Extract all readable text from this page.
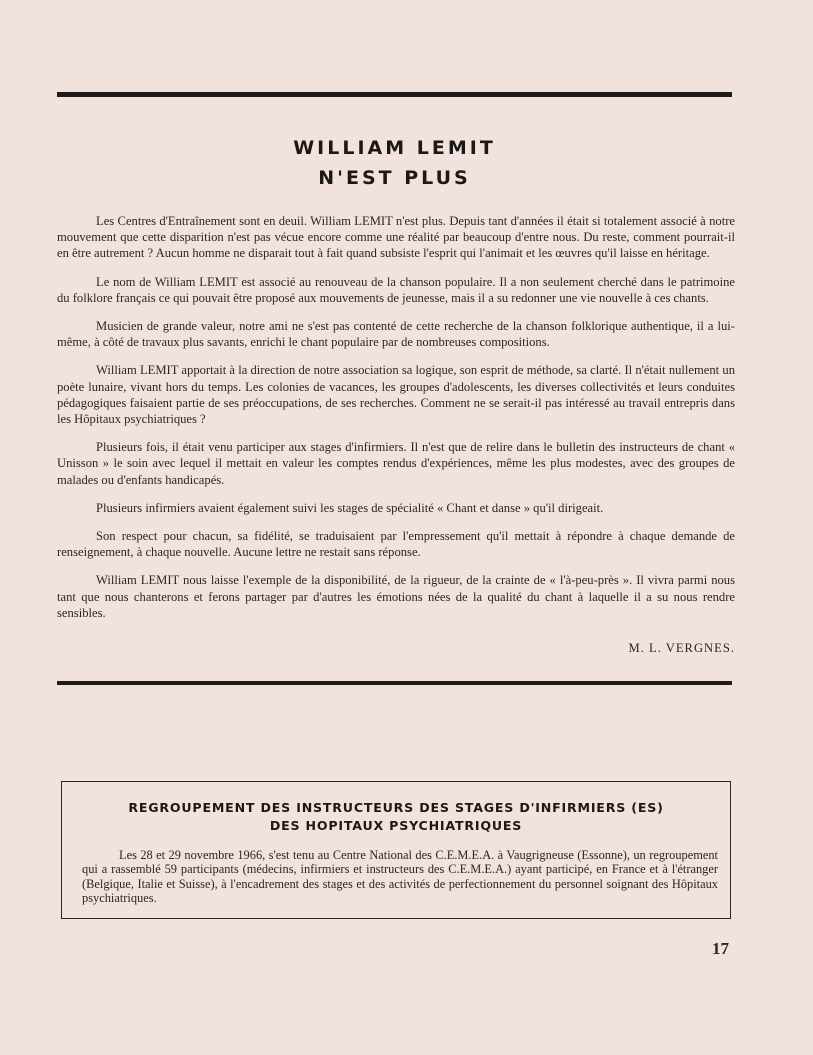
WILLIAM LEMIT
N'EST PLUS

Les Centres d'Entraînement sont en deuil. William LEMIT n'est plus. Depuis tant d'années il était si totalement associé à notre mouvement que cette disparition n'est pas vécue encore comme une réalité par beaucoup d'entre nous. Du reste, comment pourrait-il en être autrement ? Aucun homme ne disparait tout à fait quand subsiste l'esprit qui l'animait et les œuvres qu'il laisse en héritage.

Le nom de William LEMIT est associé au renouveau de la chanson populaire. Il a non seulement cherché dans le patrimoine du folklore français ce qui pouvait être proposé aux mouvements de jeunesse, mais il a su redonner une vie nouvelle à ces chants.

Musicien de grande valeur, notre ami ne s'est pas contenté de cette recherche de la chanson folklorique authentique, il a lui-même, à côté de travaux plus savants, enrichi le chant populaire par de nombreuses compositions.

William LEMIT apportait à la direction de notre association sa logique, son esprit de méthode, sa clarté. Il n'était nullement un poète lunaire, vivant hors du temps. Les colonies de vacances, les groupes d'adolescents, les diverses collectivités et leurs conduites pédagogiques faisaient partie de ses préoccupations, de ses recherches. Comment ne se serait-il pas intéressé au travail entrepris dans les Hôpitaux psychiatriques ?

Plusieurs fois, il était venu participer aux stages d'infirmiers. Il n'est que de relire dans le bulletin des instructeurs de chant « Unisson » le soin avec lequel il mettait en valeur les comptes rendus d'expériences, même les plus modestes, avec des groupes de malades ou d'enfants handicapés.

Plusieurs infirmiers avaient également suivi les stages de spécialité « Chant et danse » qu'il dirigeait.

Son respect pour chacun, sa fidélité, se traduisaient par l'empressement qu'il mettait à répondre à chaque demande de renseignement, à chaque nouvelle. Aucune lettre ne restait sans réponse.

William LEMIT nous laisse l'exemple de la disponibilité, de la rigueur, de la crainte de « l'à-peu-près ». Il vivra parmi nous tant que nous chanterons et ferons partager par d'autres les émotions nées de la qualité du chant à laquelle il a su nous rendre sensibles.

M. L. VERGNES.
REGROUPEMENT DES INSTRUCTEURS DES STAGES D'INFIRMIERS (ES)
DES HOPITAUX PSYCHIATRIQUES

Les 28 et 29 novembre 1966, s'est tenu au Centre National des C.E.M.E.A. à Vaugrigneuse (Essonne), un regroupement qui a rassemblé 59 participants (médecins, infirmiers et instructeurs des C.E.M.E.A.) ayant participé, en France et à l'étranger (Belgique, Italie et Suisse), à l'encadrement des stages et des activités de perfectionnement du personnel soignant des Hôpitaux psychiatriques.

17
